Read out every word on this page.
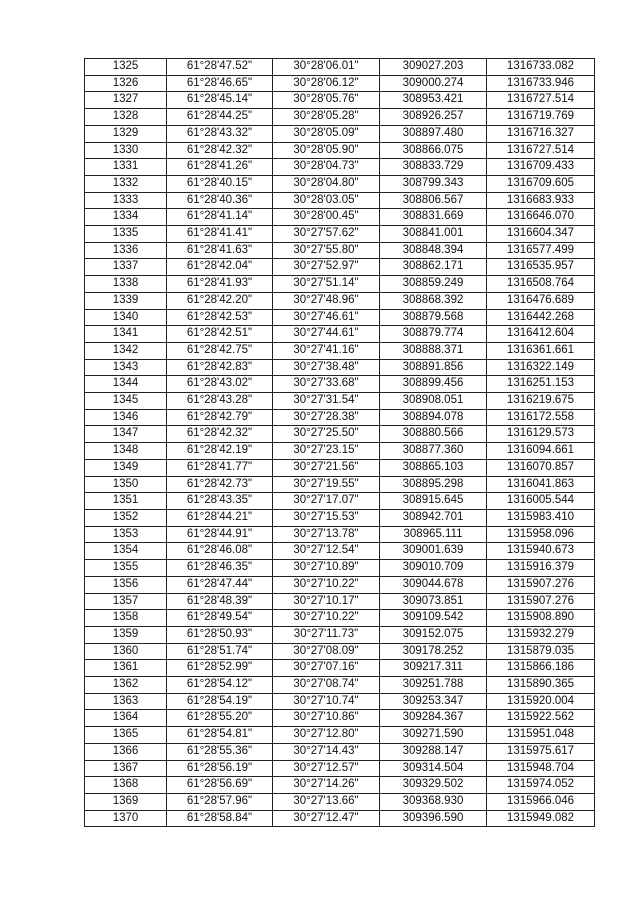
1325	61°28'47.52"	30°28'06.01"	309027.203	1316733.082
1326	61°28'46.65"	30°28'06.12"	309000.274	1316733.946
1327	61°28'45.14"	30°28'05.76"	308953.421	1316727.514
1328	61°28'44.25"	30°28'05.28"	308926.257	1316719.769
1329	61°28'43.32"	30°28'05.09"	308897.480	1316716.327
1330	61°28'42.32"	30°28'05.90"	308866.075	1316727.514
1331	61°28'41.26"	30°28'04.73"	308833.729	1316709.433
1332	61°28'40.15"	30°28'04.80"	308799.343	1316709.605
1333	61°28'40.36"	30°28'03.05"	308806.567	1316683.933
1334	61°28'41.14"	30°28'00.45"	308831.669	1316646.070
1335	61°28'41.41"	30°27'57.62"	308841.001	1316604.347
1336	61°28'41.63"	30°27'55.80"	308848.394	1316577.499
1337	61°28'42.04"	30°27'52.97"	308862.171	1316535.957
1338	61°28'41.93"	30°27'51.14"	308859.249	1316508.764
1339	61°28'42.20"	30°27'48.96"	308868.392	1316476.689
1340	61°28'42.53"	30°27'46.61"	308879.568	1316442.268
1341	61°28'42.51"	30°27'44.61"	308879.774	1316412.604
1342	61°28'42.75"	30°27'41.16"	308888.371	1316361.661
1343	61°28'42.83"	30°27'38.48"	308891.856	1316322.149
1344	61°28'43.02"	30°27'33.68"	308899.456	1316251.153
1345	61°28'43.28"	30°27'31.54"	308908.051	1316219.675
1346	61°28'42.79"	30°27'28.38"	308894.078	1316172.558
1347	61°28'42.32"	30°27'25.50"	308880.566	1316129.573
1348	61°28'42.19"	30°27'23.15"	308877.360	1316094.661
1349	61°28'41.77"	30°27'21.56"	308865.103	1316070.857
1350	61°28'42.73"	30°27'19.55"	308895.298	1316041.863
1351	61°28'43.35"	30°27'17.07"	308915.645	1316005.544
1352	61°28'44.21"	30°27'15.53"	308942.701	1315983.410
1353	61°28'44.91"	30°27'13.78"	308965.111	1315958.096
1354	61°28'46.08"	30°27'12.54"	309001.639	1315940.673
1355	61°28'46.35"	30°27'10.89"	309010.709	1315916.379
1356	61°28'47.44"	30°27'10.22"	309044.678	1315907.276
1357	61°28'48.39"	30°27'10.17"	309073.851	1315907.276
1358	61°28'49.54"	30°27'10.22"	309109.542	1315908.890
1359	61°28'50.93"	30°27'11.73"	309152.075	1315932.279
1360	61°28'51.74"	30°27'08.09"	309178.252	1315879.035
1361	61°28'52.99"	30°27'07.16"	309217.311	1315866.186
1362	61°28'54.12"	30°27'08.74"	309251.788	1315890.365
1363	61°28'54.19"	30°27'10.74"	309253.347	1315920.004
1364	61°28'55.20"	30°27'10.86"	309284.367	1315922.562
1365	61°28'54.81"	30°27'12.80"	309271.590	1315951.048
1366	61°28'55.36"	30°27'14.43"	309288.147	1315975.617
1367	61°28'56.19"	30°27'12.57"	309314.504	1315948.704
1368	61°28'56.69"	30°27'14.26"	309329.502	1315974.052
1369	61°28'57.96"	30°27'13.66"	309368.930	1315966.046
1370	61°28'58.84"	30°27'12.47"	309396.590	1315949.082
